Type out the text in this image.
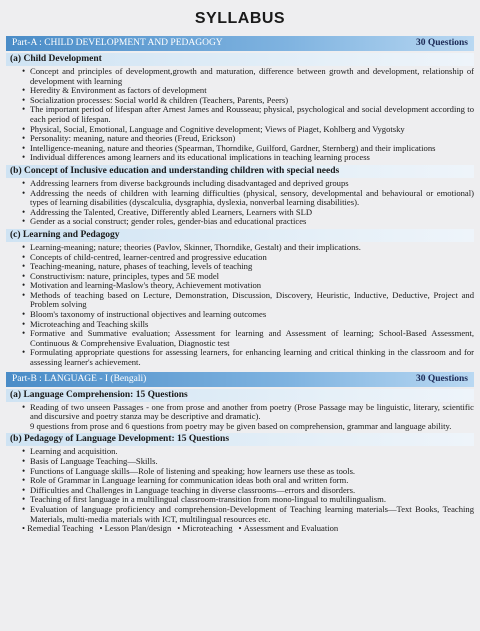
SYLLABUS
Part-A : CHILD DEVELOPMENT AND PEDAGOGY	30 Questions
(a) Child Development
• Concept and principles of development,growth and maturation, difference between growth and development, relationship of development with learning
• Heredity & Environment as factors of development
• Socialization processes: Social world & children (Teachers, Parents, Peers)
• The important period of lifespan after Arnest James and Rousseau; physical, psychological and social development according to each period of lifespan.
• Physical, Social, Emotional, Language and Cognitive development; Views of Piaget, Kohlberg and Vygotsky
• Personality: meaning, nature and theories (Freud, Erickson)
• Intelligence-meaning, nature and theories (Spearman, Thorndike, Guilford, Gardner, Sternberg) and their implications
• Individual differences among learners and its educational implications in teaching learning process
(b) Concept of Inclusive education and understanding children with special needs
• Addressing learners from diverse backgrounds including disadvantaged and deprived groups
• Addressing the needs of children with learning difficulties (physical, sensory, developmental and behavioural or emotional) types of learning disabilities (dyscalculia, dysgraphia, dyslexia, nonverbal learning disabilities).
• Addressing the Talented, Creative, Differently abled Learners, Learners with SLD
• Gender as a social construct; gender roles, gender-bias and educational practices
(c) Learning and Pedagogy
• Learning-meaning; nature; theories (Pavlov, Skinner, Thorndike, Gestalt) and their implications.
• Concepts of child-centred, learner-centred and progressive education
• Teaching-meaning, nature, phases of teaching, levels of teaching
• Constructivism: nature, principles, types and 5E model
• Motivation and learning-Maslow's theory, Achievement motivation
• Methods of teaching based on Lecture, Demonstration, Discussion, Discovery, Heuristic, Inductive, Deductive, Project and Problem solving
• Bloom's taxonomy of instructional objectives and learning outcomes
• Microteaching and Teaching skills
• Formative and Summative evaluation; Assessment for learning and Assessment of learning; School-Based Assessment, Continuous & Comprehensive Evaluation, Diagnostic test
• Formulating appropriate questions for assessing learners, for enhancing learning and critical thinking in the classroom and for assessing learner's achievement.
Part-B : LANGUAGE - I (Bengali)	30 Questions
(a) Language Comprehension: 15 Questions
• Reading of two unseen Passages - one from prose and another from poetry (Prose Passage may be linguistic, literary, scientific and discursive and poetry stanza may be descriptive and dramatic).
9 questions from prose and 6 questions from poetry may be given based on comprehension, grammar and language ability.
(b) Pedagogy of Language Development: 15 Questions
• Learning and acquisition.
• Basis of Language Teaching—Skills.
• Functions of Language skills—Role of listening and speaking; how learners use these as tools.
• Role of Grammar in Language learning for communication ideas both oral and written form.
• Difficulties and Challenges in Language teaching in diverse classrooms—errors and disorders.
• Teaching of first language in a multilingual classroom-transition from mono-lingual to multilingualism.
• Evaluation of language proficiency and comprehension-Development of Teaching learning materials—Text Books, Teaching Materials, multi-media materials with ICT, multilingual resources etc.
• Remedial Teaching	• Lesson Plan/design	• Microteaching	• Assessment and Evaluation
